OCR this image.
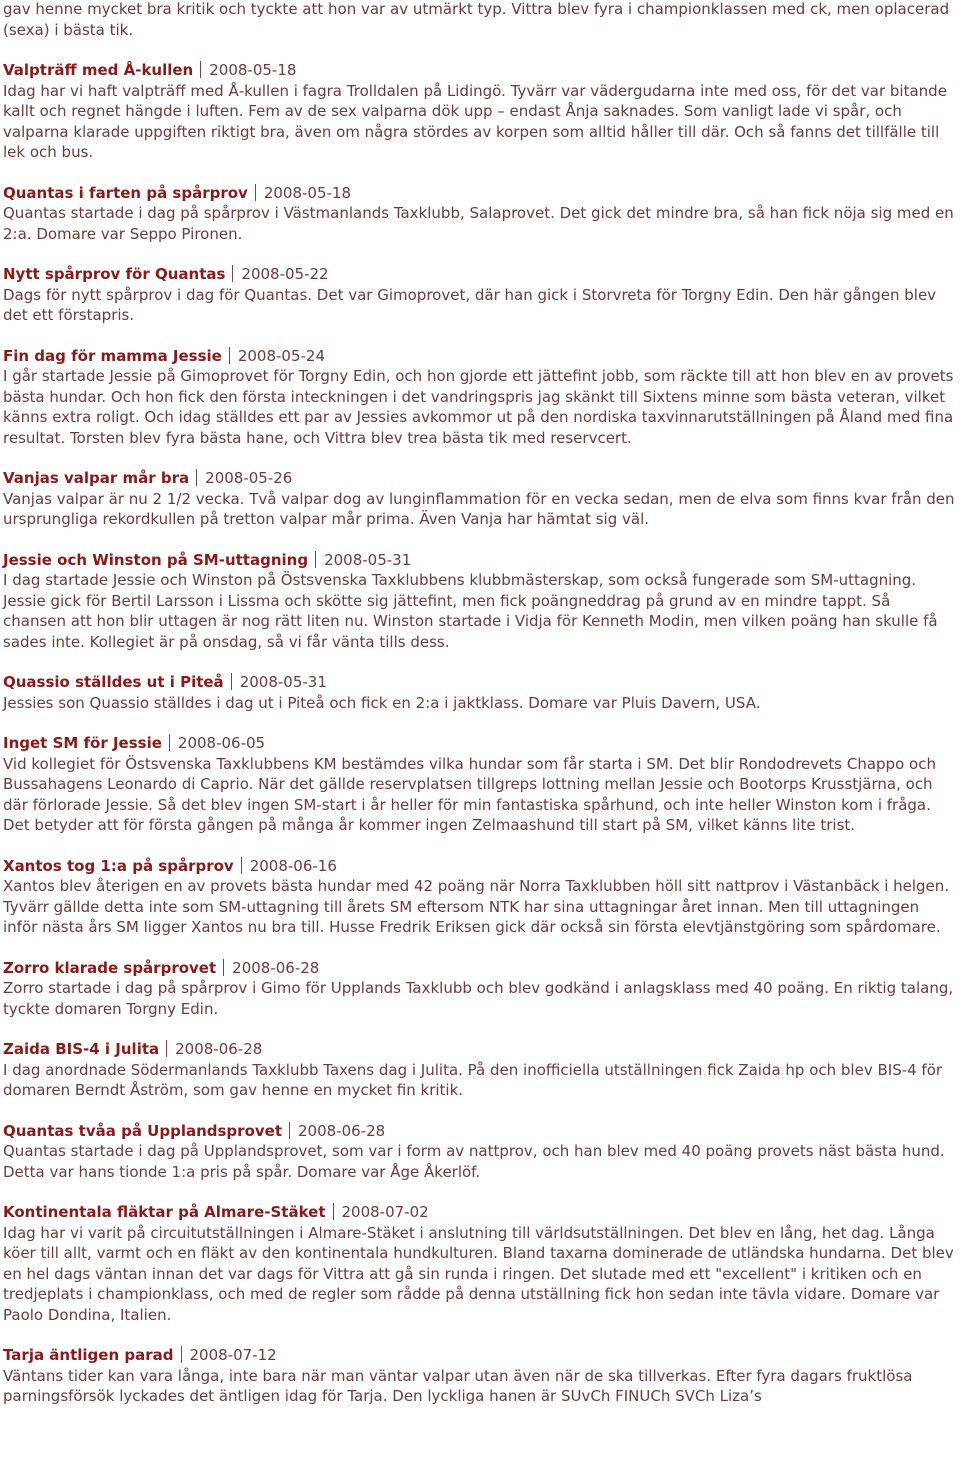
gav henne mycket bra kritik och tyckte att hon var av utmärkt typ. Vittra blev fyra i championklassen med ck, men oplacerad (sexa) i bästa tik.
Valpträff med Å-kullen 2008-05-18
Idag har vi haft valpträff med Å-kullen i fagra Trolldalen på Lidingö. Tyvärr var vädergudarna inte med oss, för det var bitande kallt och regnet hängde i luften. Fem av de sex valparna dök upp – endast Ånja saknades. Som vanligt lade vi spår, och valparna klarade uppgiften riktigt bra, även om några stördes av korpen som alltid håller till där. Och så fanns det tillfälle till lek och bus.
Quantas i farten på spårprov 2008-05-18
Quantas startade i dag på spårprov i Västmanlands Taxklubb, Salaprovet. Det gick det mindre bra, så han fick nöja sig med en 2:a. Domare var Seppo Pironen.
Nytt spårprov för Quantas 2008-05-22
Dags för nytt spårprov i dag för Quantas. Det var Gimoprovet, där han gick i Storvreta för Torgny Edin. Den här gången blev det ett förstapris.
Fin dag för mamma Jessie 2008-05-24
I går startade Jessie på Gimoprovet för Torgny Edin, och hon gjorde ett jättefint jobb, som räckte till att hon blev en av provets bästa hundar. Och hon fick den första inteckningen i det vandringspris jag skänkt till Sixtens minne som bästa veteran, vilket känns extra roligt. Och idag ställdes ett par av Jessies avkommor ut på den nordiska taxvinnarutställningen på Åland med fina resultat. Torsten blev fyra bästa hane, och Vittra blev trea bästa tik med reservcert.
Vanjas valpar mår bra 2008-05-26
Vanjas valpar är nu 2 1/2 vecka. Två valpar dog av lunginflammation för en vecka sedan, men de elva som finns kvar från den ursprungliga rekordkullen på tretton valpar mår prima. Även Vanja har hämtat sig väl.
Jessie och Winston på SM-uttagning 2008-05-31
I dag startade Jessie och Winston på Östsvenska Taxklubbens klubbmästerskap, som också fungerade som SM-uttagning. Jessie gick för Bertil Larsson i Lissma och skötte sig jättefint, men fick poängneddrag på grund av en mindre tappt. Så chansen att hon blir uttagen är nog rätt liten nu. Winston startade i Vidja för Kenneth Modin, men vilken poäng han skulle få sades inte. Kollegiet är på onsdag, så vi får vänta tills dess.
Quassio ställdes ut i Piteå 2008-05-31
Jessies son Quassio ställdes i dag ut i Piteå och fick en 2:a i jaktklass. Domare var Pluis Davern, USA.
Inget SM för Jessie 2008-06-05
Vid kollegiet för Östsvenska Taxklubbens KM bestämdes vilka hundar som får starta i SM. Det blir Rondodrevets Chappo och Bussahagens Leonardo di Caprio. När det gällde reservplatsen tillgreps lottning mellan Jessie och Bootorps Krusstjärna, och där förlorade Jessie. Så det blev ingen SM-start i år heller för min fantastiska spårhund, och inte heller Winston kom i fråga. Det betyder att för första gången på många år kommer ingen Zelmaashund till start på SM, vilket känns lite trist.
Xantos tog 1:a på spårprov 2008-06-16
Xantos blev återigen en av provets bästa hundar med 42 poäng när Norra Taxklubben höll sitt nattprov i Västanbäck i helgen. Tyvärr gällde detta inte som SM-uttagning till årets SM eftersom NTK har sina uttagningar året innan. Men till uttagningen inför nästa års SM ligger Xantos nu bra till. Husse Fredrik Eriksen gick där också sin första elevtjänstgöring som spårdomare.
Zorro klarade spårprovet 2008-06-28
Zorro startade i dag på spårprov i Gimo för Upplands Taxklubb och blev godkänd i anlagsklass med 40 poäng. En riktig talang, tyckte domaren Torgny Edin.
Zaida BIS-4 i Julita 2008-06-28
I dag anordnade Södermanlands Taxklubb Taxens dag i Julita. På den inofficiella utställningen fick Zaida hp och blev BIS-4 för domaren Berndt Åström, som gav henne en mycket fin kritik.
Quantas tvåa på Upplandsprovet 2008-06-28
Quantas startade i dag på Upplandsprovet, som var i form av nattprov, och han blev med 40 poäng provets näst bästa hund. Detta var hans tionde 1:a pris på spår. Domare var Åge Åkerlöf.
Kontinentala fläktar på Almare-Stäket 2008-07-02
Idag har vi varit på circuitutställningen i Almare-Stäket i anslutning till världsutställningen. Det blev en lång, het dag. Långa köer till allt, varmt och en fläkt av den kontinentala hundkulturen. Bland taxarna dominerade de utländska hundarna. Det blev en hel dags väntan innan det var dags för Vittra att gå sin runda i ringen. Det slutade med ett "excellent" i kritiken och en tredjeplats i championklass, och med de regler som rådde på denna utställning fick hon sedan inte tävla vidare. Domare var Paolo Dondina, Italien.
Tarja äntligen parad 2008-07-12
Väntans tider kan vara långa, inte bara när man väntar valpar utan även när de ska tillverkas. Efter fyra dagars fruktlösa parningsförsök lyckades det äntligen idag för Tarja. Den lyckliga hanen är SUvCh FINUCh SVCh Liza’s
